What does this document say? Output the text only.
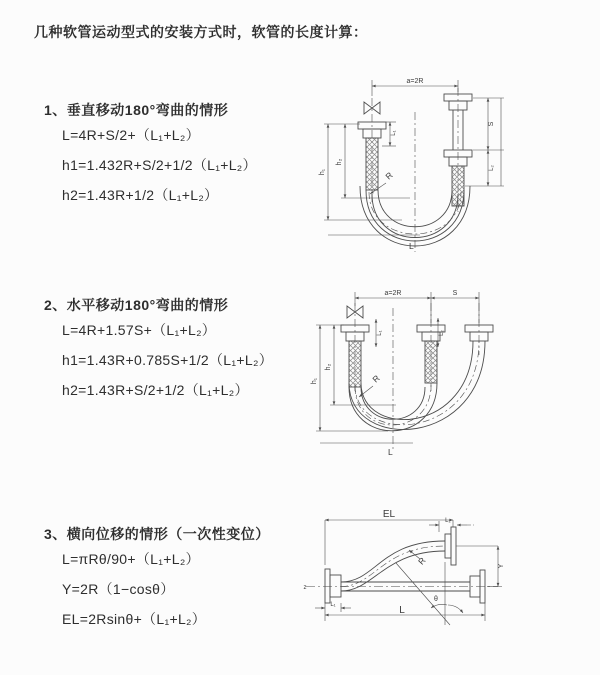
几种软管运动型式的安装方式时，软管的长度计算：
1、垂直移动180°弯曲的情形
L=4R+S/2+（L₁+L₂）
h1=1.432R+S/2+1/2（L₁+L₂）
h2=1.43R+1/2（L₁+L₂）
2、水平移动180°弯曲的情形
L=4R+1.57S+（L₁+L₂）
h1=1.43R+0.785S+1/2（L₁+L₂）
h2=1.43R+S/2+1/2（L₁+L₂）
3、横向位移的情形（一次性变位）
L=πRθ/90+（L₁+L₂）
Y=2R（1−cosθ）
EL=2Rsinθ+（L₁+L₂）
a=2R
h₁
h₂
L₁
S
L₂
R
L
a=2R	S
h₁
h₂
L₁	L₂
R
L
EL
L₂
Y
L
L₁
R
θ
z
